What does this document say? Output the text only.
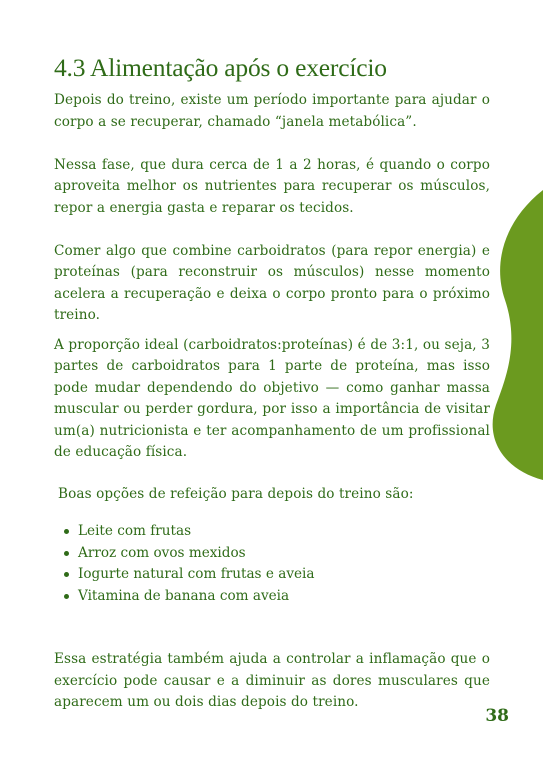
4.3 Alimentação após o exercício

Depois do treino, existe um período importante para ajudar o corpo a se recuperar, chamado “janela metabólica”.

Nessa fase, que dura cerca de 1 a 2 horas, é quando o corpo aproveita melhor os nutrientes para recuperar os músculos, repor a energia gasta e reparar os tecidos.

Comer algo que combine carboidratos (para repor energia) e proteínas (para reconstruir os músculos) nesse momento acelera a recuperação e deixa o corpo pronto para o próximo treino.

A proporção ideal (carboidratos:proteínas) é de 3:1, ou seja, 3 partes de carboidratos para 1 parte de proteína, mas isso pode mudar dependendo do objetivo — como ganhar massa muscular ou perder gordura, por isso a importância de visitar um(a) nutricionista e ter acompanhamento de um profissional de educação física.

Boas opções de refeição para depois do treino são:

Leite com frutas
Arroz com ovos mexidos
Iogurte natural com frutas e aveia
Vitamina de banana com aveia

Essa estratégia também ajuda a controlar a inflamação que o exercício pode causar e a diminuir as dores musculares que aparecem um ou dois dias depois do treino.

38
